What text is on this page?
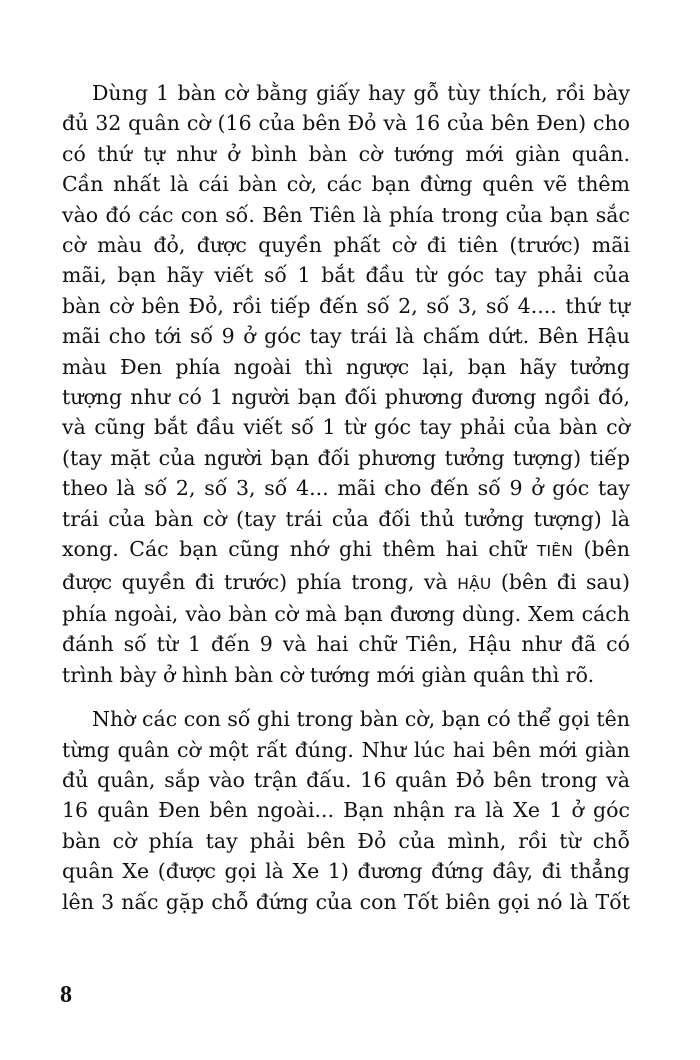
Dùng 1 bàn cờ bằng giấy hay gỗ tùy thích, rồi bày
đủ 32 quân cờ (16 của bên Đỏ và 16 của bên Đen) cho
có thứ tự như ở bình bàn cờ tướng mới giàn quân.
Cần nhất là cái bàn cờ, các bạn đừng quên vẽ thêm
vào đó các con số. Bên Tiên là phía trong của bạn sắc
cờ màu đỏ, được quyền phất cờ đi tiên (trước) mãi
mãi, bạn hãy viết số 1 bắt đầu từ góc tay phải của
bàn cờ bên Đỏ, rồi tiếp đến số 2, số 3, số 4.... thứ tự
mãi cho tới số 9 ở góc tay trái là chấm dứt. Bên Hậu
màu Đen phía ngoài thì ngược lại, bạn hãy tưởng
tượng như có 1 người bạn đối phương đương ngồi đó,
và cũng bắt đầu viết số 1 từ góc tay phải của bàn cờ
(tay mặt của người bạn đối phương tưởng tượng) tiếp
theo là số 2, số 3, số 4... mãi cho đến số 9 ở góc tay
trái của bàn cờ (tay trái của đối thủ tưởng tượng) là
xong. Các bạn cũng nhớ ghi thêm hai chữ TIÊN (bên
được quyền đi trước) phía trong, và HẬU (bên đi sau)
phía ngoài, vào bàn cờ mà bạn đương dùng. Xem cách
đánh số từ 1 đến 9 và hai chữ Tiên, Hậu như đã có
trình bày ở hình bàn cờ tướng mới giàn quân thì rõ.

Nhờ các con số ghi trong bàn cờ, bạn có thể gọi tên
từng quân cờ một rất đúng. Như lúc hai bên mới giàn
đủ quân, sắp vào trận đấu. 16 quân Đỏ bên trong và
16 quân Đen bên ngoài... Bạn nhận ra là Xe 1 ở góc
bàn cờ phía tay phải bên Đỏ của mình, rồi từ chỗ
quân Xe (được gọi là Xe 1) đương đứng đây, đi thẳng
lên 3 nấc gặp chỗ đứng của con Tốt biên gọi nó là Tốt

8
